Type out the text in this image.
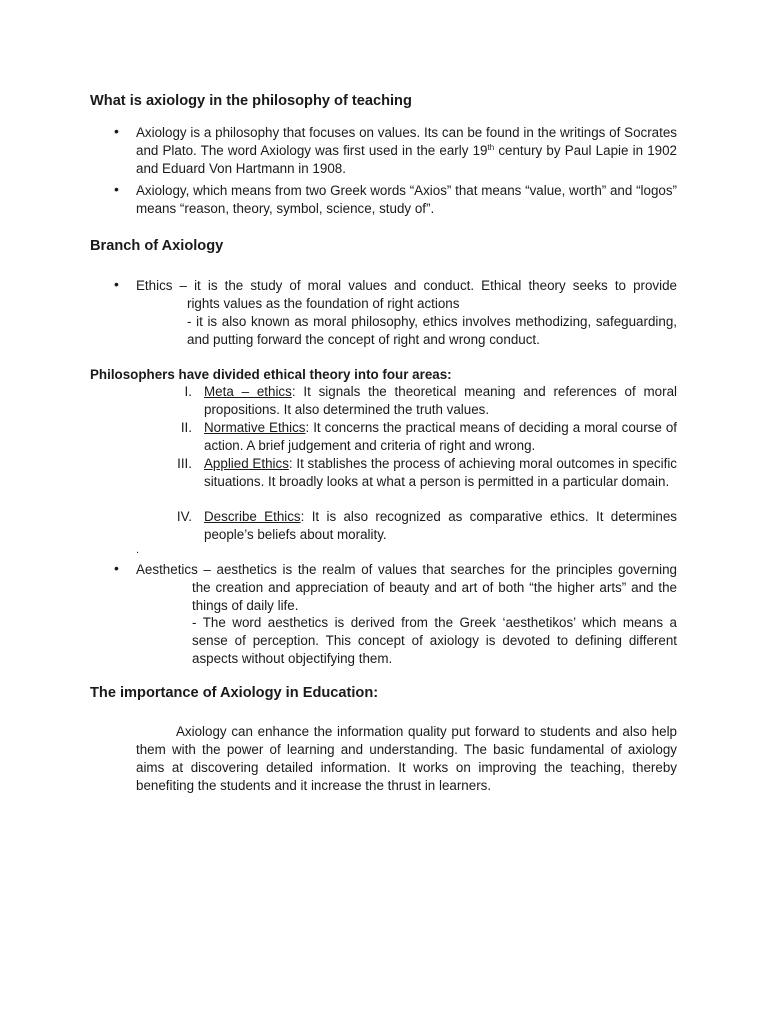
What is axiology in the philosophy of teaching
• Axiology is a philosophy that focuses on values. Its can be found in the writings of Socrates and Plato. The word Axiology was first used in the early 19th century by Paul Lapie in 1902 and Eduard Von Hartmann in 1908.
• Axiology, which means from two Greek words “Axios” that means “value, worth” and “logos” means “reason, theory, symbol, science, study of”.
Branch of Axiology
• Ethics – it is the study of moral values and conduct. Ethical theory seeks to provide
rights values as the foundation of right actions
- it is also known as moral philosophy, ethics involves methodizing, safeguarding, and putting forward the concept of right and wrong conduct.
Philosophers have divided ethical theory into four areas:
I. Meta – ethics: It signals the theoretical meaning and references of moral propositions. It also determined the truth values.
II. Normative Ethics: It concerns the practical means of deciding a moral course of action. A brief judgement and criteria of right and wrong.
III. Applied Ethics: It stablishes the process of achieving moral outcomes in specific situations. It broadly looks at what a person is permitted in a particular domain.
IV. Describe Ethics: It is also recognized as comparative ethics. It determines people’s beliefs about morality.
.
• Aesthetics – aesthetics is the realm of values that searches for the principles governing
the creation and appreciation of beauty and art of both “the higher arts” and the things of daily life.
- The word aesthetics is derived from the Greek ‘aesthetikos’ which means a sense of perception. This concept of axiology is devoted to defining different aspects without objectifying them.
The importance of Axiology in Education:
Axiology can enhance the information quality put forward to students and also help them with the power of learning and understanding. The basic fundamental of axiology aims at discovering detailed information. It works on improving the teaching, thereby benefiting the students and it increase the thrust in learners.
